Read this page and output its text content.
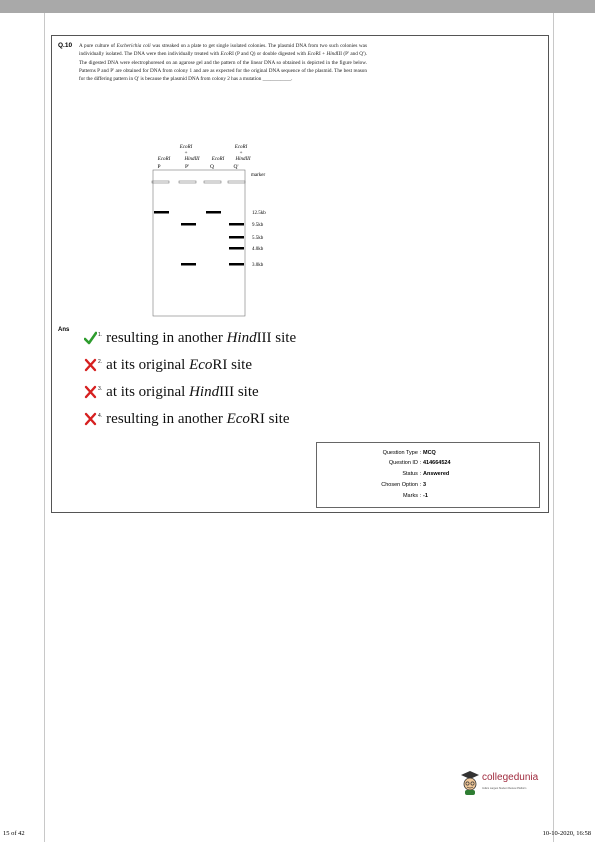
Q.10 A pure culture of Escherichia coli was streaked on a plate to get single isolated colonies. The plasmid DNA from two such colonies was individually isolated. The DNA were then individually treated with EcoRI (P and Q) or double digested with EcoRI + HindIII (P' and Q'). The digested DNA were electrophoresed on an agarose gel and the pattern of the linear DNA so obtained is depicted in the figure below. Patterns P and P' are obtained for DNA from colony 1 and are as expected for the original DNA sequence of the plasmid. The best reason for the differing pattern in Q' is because the plasmid DNA from colony 2 has a mutation ___________.
EcoRI
+
EcoRI
+
EcoRI	HindIII EcoRI HindIII
P	P'	Q	Q'
marker
12.5kb
9.5kb
5.5kb
4.0kb
3.0kb
Ans
1. resulting in another HindIII site
2. at its original EcoRI site
3. at its original HindIII site
4. resulting in another EcoRI site
Question Type : MCQ
Question ID : 414664524
Status : Answered
Chosen Option : 3
Marks : -1
collegedunia
India's Largest Student Review Platform
15 of 42	10-10-2020, 16:58
